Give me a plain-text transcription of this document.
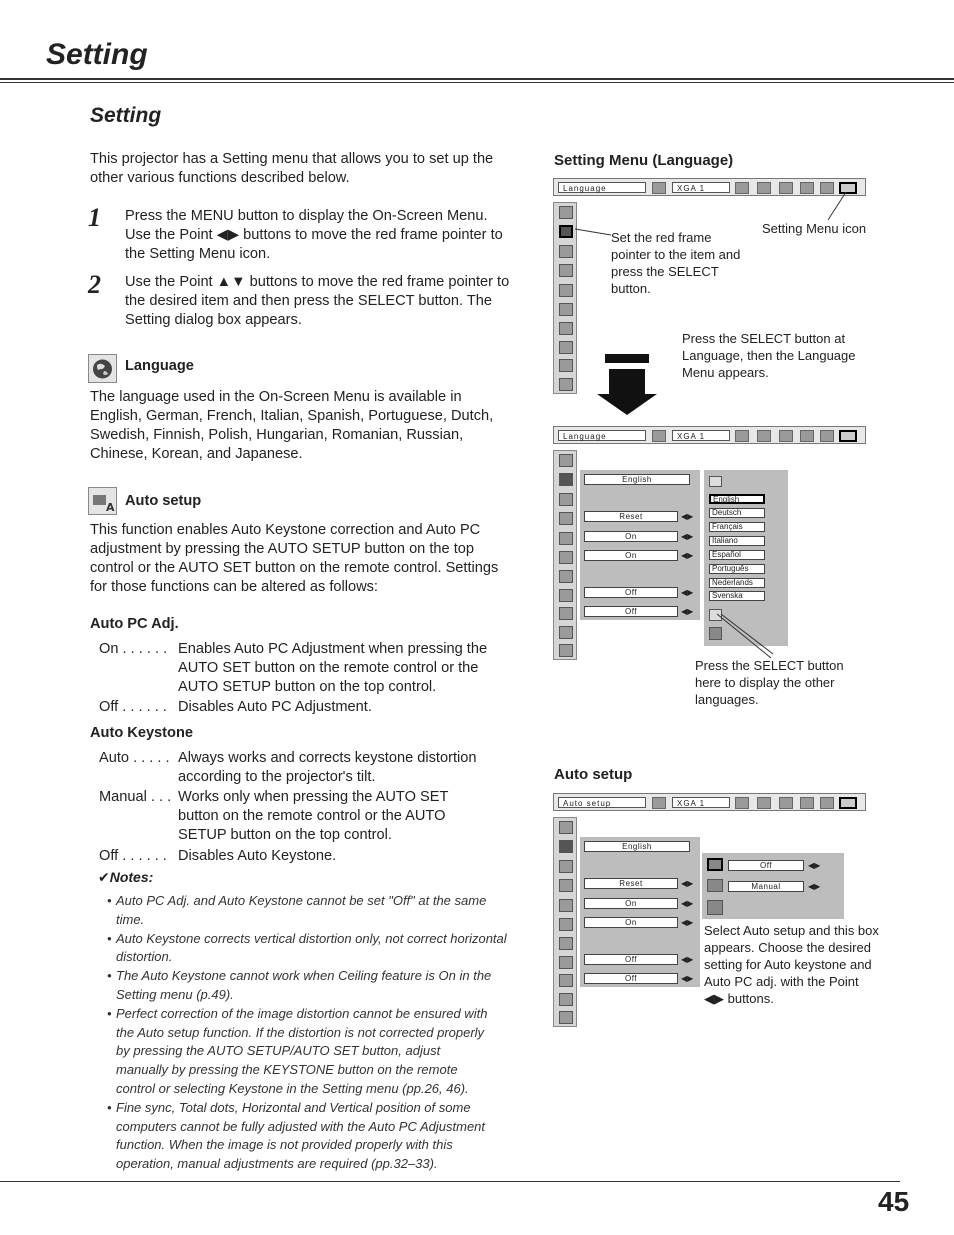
Setting
Setting
This projector has a Setting menu that allows you to set up the other various functions described below.
1 Press the MENU button to display the On-Screen Menu. Use the Point ◀▶ buttons to move the red frame pointer to the Setting Menu icon.
2 Use the Point ▲▼ buttons to move the red frame pointer to the desired item and then press the SELECT button. The Setting dialog box appears.
Language
The language used in the On-Screen Menu is available in English, German, French, Italian, Spanish, Portuguese, Dutch, Swedish, Finnish, Polish, Hungarian, Romanian, Russian, Chinese, Korean, and Japanese.
A Auto setup
This function enables Auto Keystone correction and Auto PC adjustment by pressing the AUTO SETUP button on the top control or the AUTO SET button on the remote control. Settings for those functions can be altered as follows:
Auto PC Adj.
On . . . . . . Enables Auto PC Adjustment when pressing the AUTO SET button on the remote control or the AUTO SETUP button on the top control.
Off . . . . . . Disables Auto PC Adjustment.
Auto Keystone
Auto . . . . . Always works and corrects keystone distortion according to the projector's tilt.
Manual . . . Works only when pressing the AUTO SET button on the remote control or the AUTO SETUP button on the top control.
Off . . . . . . Disables Auto Keystone.
✔Notes:
• Auto PC Adj. and Auto Keystone cannot be set "Off" at the same time.
• Auto Keystone corrects vertical distortion only, not correct horizontal distortion.
• The Auto Keystone cannot work when Ceiling feature is On in the Setting menu (p.49).
• Perfect correction of the image distortion cannot be ensured with the Auto setup function. If the distortion is not corrected properly by pressing the AUTO SETUP/AUTO SET button, adjust manually by pressing the KEYSTONE button on the remote control or selecting Keystone in the Setting menu (pp.26, 46).
• Fine sync, Total dots, Horizontal and Vertical position of some computers cannot be fully adjusted with the Auto PC Adjustment function. When the image is not provided properly with this operation, manual adjustments are required (pp.32–33).
Setting Menu (Language)
Auto setup
Language	XGA 1
Set the red frame pointer to the item and press the SELECT button.
Setting Menu icon
Press the SELECT button at Language, then the Language Menu appears.
Language	XGA 1
English
Reset	◀▶
On	◀▶
On	◀▶
Off	◀▶
Off	◀▶
English
Deutsch
Français
Italiano
Español
Português
Nederlands
Svenska
Press the SELECT button here to display the other languages.
Auto setup	XGA 1
English
Reset	◀▶
On	◀▶
On	◀▶
Off	◀▶
Off	◀▶
Off	◀▶
Manual	◀▶
Select Auto setup and this box appears. Choose the desired setting for Auto keystone and Auto PC adj. with the Point ◀▶ buttons.
45
